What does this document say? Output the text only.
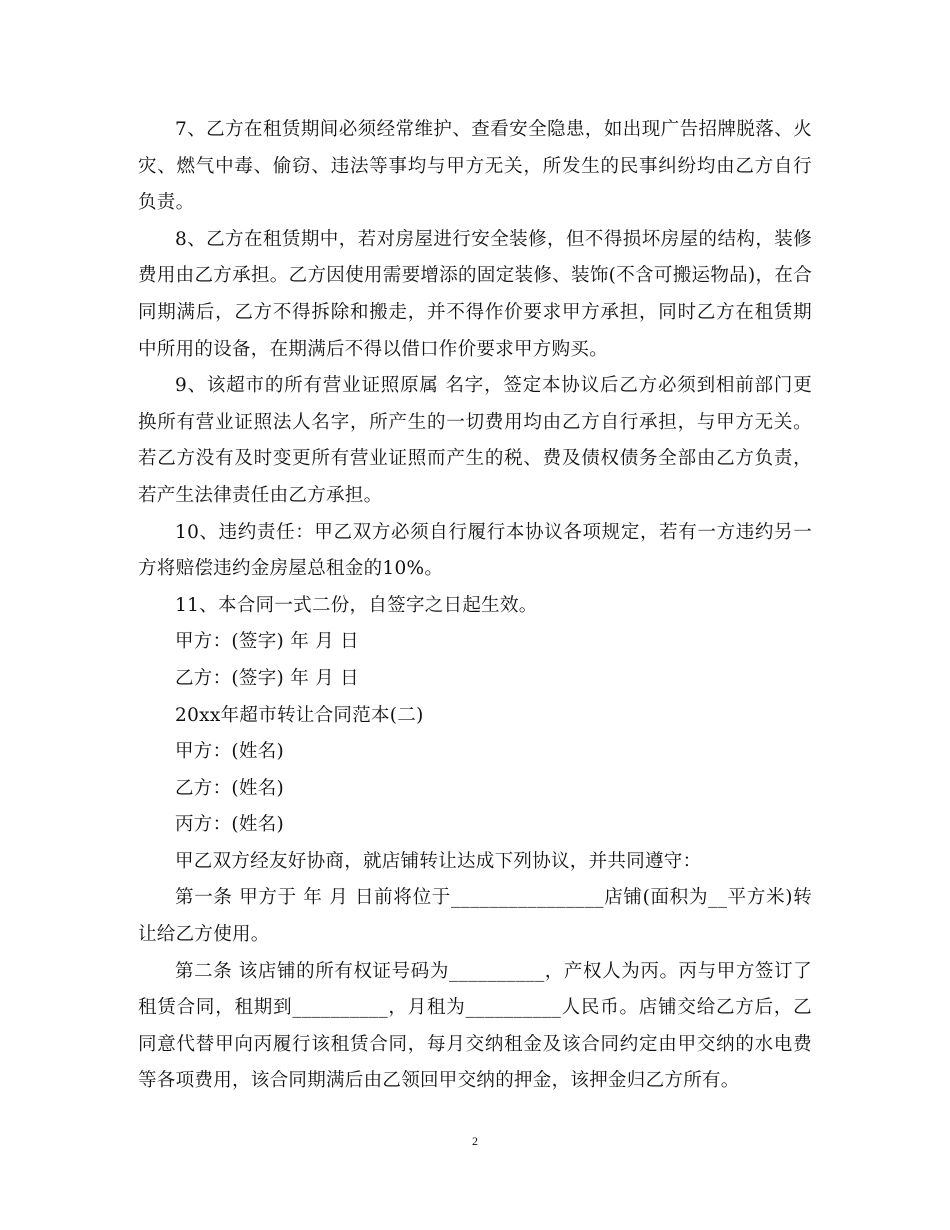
7、乙方在租赁期间必须经常维护、查看安全隐患，如出现广告招牌脱落、火灾、燃气中毒、偷窃、违法等事均与甲方无关，所发生的民事纠纷均由乙方自行负责。

8、乙方在租赁期中，若对房屋进行安全装修，但不得损坏房屋的结构，装修费用由乙方承担。乙方因使用需要增添的固定装修、装饰(不含可搬运物品)，在合同期满后，乙方不得拆除和搬走，并不得作价要求甲方承担，同时乙方在租赁期中所用的设备，在期满后不得以借口作价要求甲方购买。

9、该超市的所有营业证照原属 名字，签定本协议后乙方必须到相前部门更换所有营业证照法人名字，所产生的一切费用均由乙方自行承担，与甲方无关。若乙方没有及时变更所有营业证照而产生的税、费及债权债务全部由乙方负责，若产生法律责任由乙方承担。

10、违约责任：甲乙双方必须自行履行本协议各项规定，若有一方违约另一方将赔偿违约金房屋总租金的10%。

11、本合同一式二份，自签字之日起生效。

甲方：(签字) 年 月 日

乙方：(签字) 年 月 日

20xx年超市转让合同范本(二)

甲方：(姓名)

乙方：(姓名)

丙方：(姓名)

甲乙双方经友好协商，就店铺转让达成下列协议，并共同遵守：

第一条 甲方于 年 月 日前将位于________________店铺(面积为__平方米)转让给乙方使用。

第二条 该店铺的所有权证号码为__________，产权人为丙。丙与甲方签订了租赁合同，租期到__________，月租为__________人民币。店铺交给乙方后，乙同意代替甲向丙履行该租赁合同，每月交纳租金及该合同约定由甲交纳的水电费等各项费用，该合同期满后由乙领回甲交纳的押金，该押金归乙方所有。

2
